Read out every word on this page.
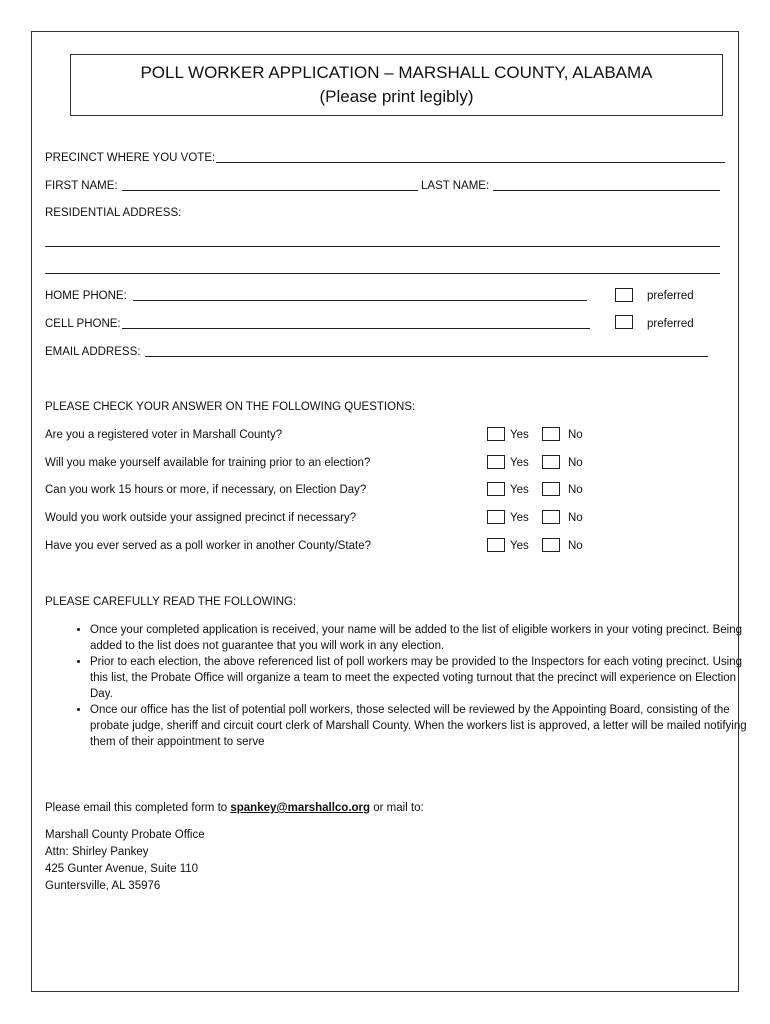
POLL WORKER APPLICATION – MARSHALL COUNTY, ALABAMA
(Please print legibly)
PRECINCT WHERE YOU VOTE:
FIRST NAME:	LAST NAME:
RESIDENTIAL ADDRESS:
HOME PHONE:	preferred
CELL PHONE:	preferred
EMAIL ADDRESS:
PLEASE CHECK YOUR ANSWER ON THE FOLLOWING QUESTIONS:
Are you a registered voter in Marshall County?	Yes	No
Will you make yourself available for training prior to an election?	Yes	No
Can you work 15 hours or more, if necessary, on Election Day?	Yes	No
Would you work outside your assigned precinct if necessary?	Yes	No
Have you ever served as a poll worker in another County/State?	Yes	No
PLEASE CAREFULLY READ THE FOLLOWING:
• Once your completed application is received, your name will be added to the list of eligible workers in your voting precinct. Being added to the list does not guarantee that you will work in any election.
• Prior to each election, the above referenced list of poll workers may be provided to the Inspectors for each voting precinct. Using this list, the Probate Office will organize a team to meet the expected voting turnout that the precinct will experience on Election Day.
• Once our office has the list of potential poll workers, those selected will be reviewed by the Appointing Board, consisting of the probate judge, sheriff and circuit court clerk of Marshall County. When the workers list is approved, a letter will be mailed notifying them of their appointment to serve
Please email this completed form to spankey@marshallco.org or mail to:
Marshall County Probate Office
Attn: Shirley Pankey
425 Gunter Avenue, Suite 110
Guntersville, AL 35976
